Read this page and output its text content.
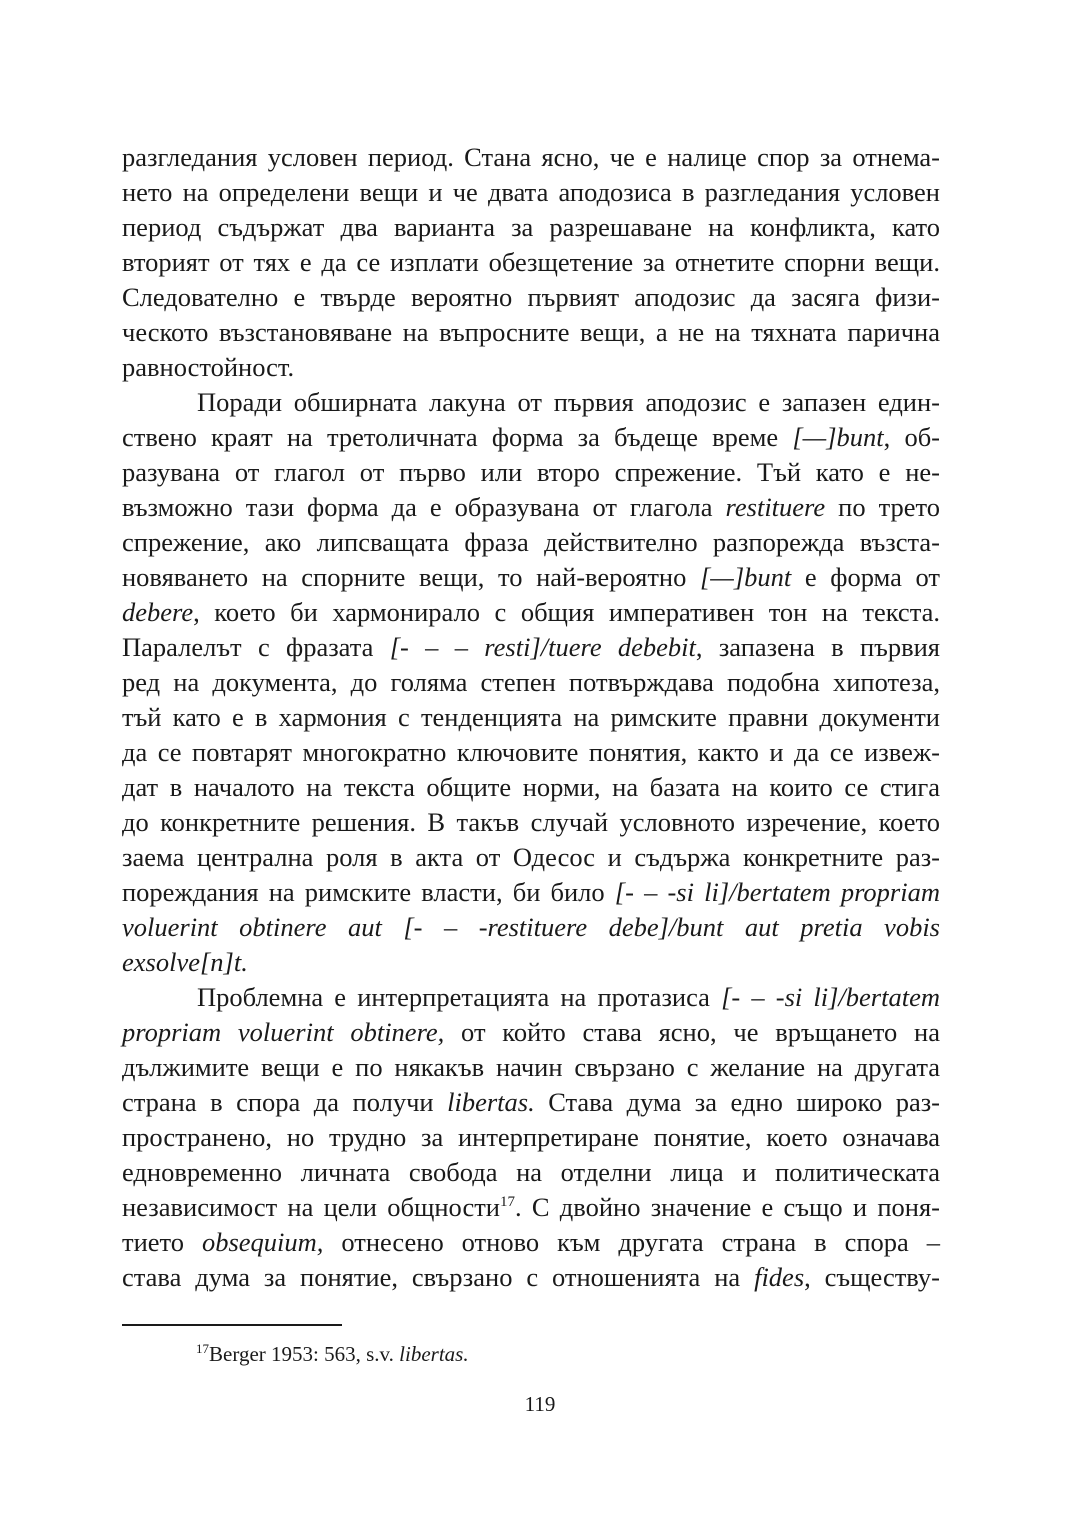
разгледания условен период. Стана ясно, че е налице спор за отнема-
нето на определени вещи и че двата аподозиса в разгледания условен
период съдържат два варианта за разрешаване на конфликта, като
вторият от тях е да се изплати обезщетение за отнетите спорни вещи.
Следователно е твърде вероятно първият аподозис да засяга физи-
ческото възстановяване на въпросните вещи, а не на тяхната парична
равностойност.
Поради обширната лакуна от първия аподозис е запазен един-
ствено краят на третоличната форма за бъдеще време [—]bunt, об-
разувана от глагол от първо или второ спрежение. Тъй като е не-
възможно тази форма да е образувана от глагола restituere по трето
спрежение, ако липсващата фраза действително разпорежда възста-
новяването на спорните вещи, то най-вероятно [—]bunt е форма от
debere, което би хармонирало с общия императивен тон на текста.
Паралелът с фразата [- – – resti]/tuere debebit, запазена в първия
ред на документа, до голяма степен потвърждава подобна хипотеза,
тъй като е в хармония с тенденцията на римските правни документи
да се повтарят многократно ключовите понятия, както и да се извеж-
дат в началото на текста общите норми, на базата на които се стига
до конкретните решения. В такъв случай условното изречение, което
заема централна роля в акта от Одесос и съдържа конкретните раз-
пореждания на римските власти, би било [- – -si li]/bertatem propriam
voluerint obtinere aut [- – -restituere debe]/bunt aut pretia vobis
exsolve[n]t.
Проблемна е интерпретацията на протазиса [- – -si li]/bertatem
propriam voluerint obtinere, от който става ясно, че връщането на
дължимите вещи е по някакъв начин свързано с желание на другата
страна в спора да получи libertas. Става дума за едно широко раз-
пространено, но трудно за интерпретиране понятие, което означава
едновременно личната свобода на отделни лица и политическата
независимост на цели общности$^{17}$. С двойно значение е също и поня-
тието obsequium, отнесено отново към другата страна в спора –
става дума за понятие, свързано с отношенията на fides, съществу-
$^{17}$Berger 1953: 563, s.v. libertas.
119
